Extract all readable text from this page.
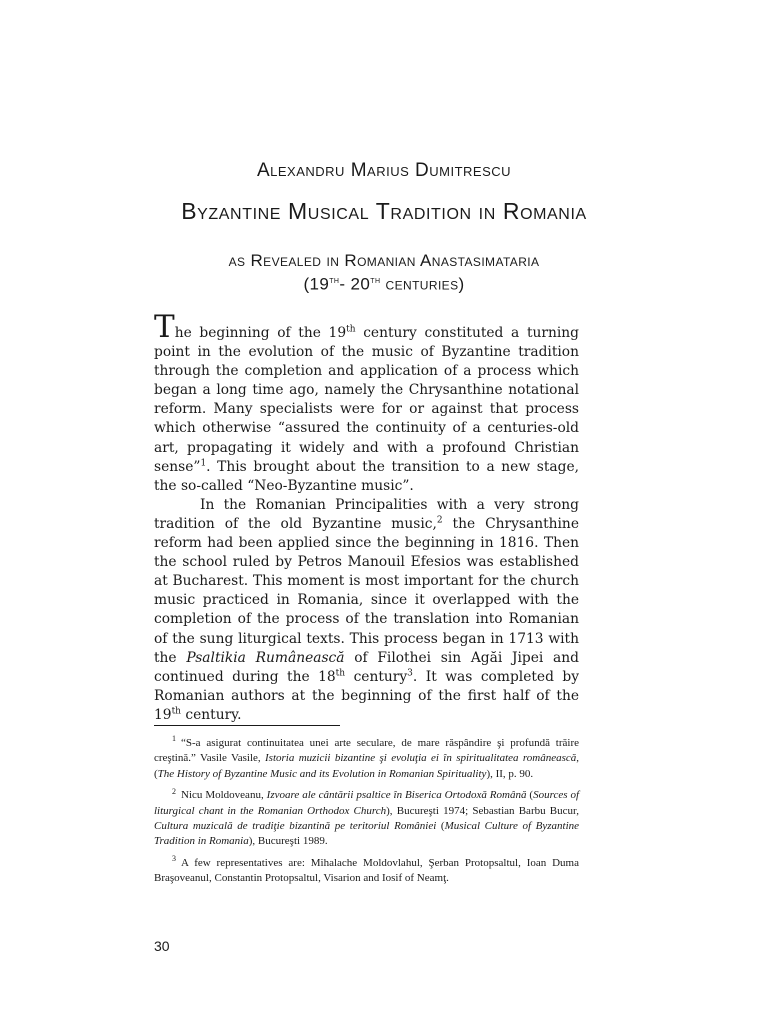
Alexandru Marius Dumitrescu
Byzantine Musical Tradition in Romania
as Revealed in Romanian Anastasimataria
(19th- 20th centuries)

The beginning of the 19th century constituted a turning point in the evolution of the music of Byzantine tradition through the completion and application of a process which began a long time ago, namely the Chrysanthine notational reform. Many specialists were for or against that process which otherwise “assured the continuity of a centuries-old art, propagating it widely and with a profound Christian sense”$^1$. This brought about the transition to a new stage, the so-called “Neo-Byzantine music”.

In the Romanian Principalities with a very strong tradition of the old Byzantine music,$^2$ the Chrysanthine reform had been applied since the beginning in 1816. Then the school ruled by Petros Manouil Efesios was established at Bucharest. This moment is most important for the church music practiced in Romania, since it overlapped with the completion of the process of the translation into Romanian of the sung liturgical texts. This process began in 1713 with the Psaltikia Rumânească of Filothei sin Agăi Jipei and continued during the 18th century$^3$. It was completed by Romanian authors at the beginning of the first half of the 19th century.

$^1$ “S-a asigurat continuitatea unei arte seculare, de mare răspândire şi profundă trăire creştină.” Vasile Vasile, Istoria muzicii bizantine şi evoluţia ei în spiritualitatea românească, (The History of Byzantine Music and its Evolution in Romanian Spirituality), II, p. 90.

$^2$ Nicu Moldoveanu, Izvoare ale cântării psaltice în Biserica Ortodoxă Română (Sources of liturgical chant in the Romanian Orthodox Church), Bucureşti 1974; Sebastian Barbu Bucur, Cultura muzicală de tradiţie bizantină pe teritoriul României (Musical Culture of Byzantine Tradition in Romania), Bucureşti 1989.

$^3$ A few representatives are: Mihalache Moldovlahul, Şerban Protopsaltul, Ioan Duma Braşoveanul, Constantin Protopsaltul, Visarion and Iosif of Neamţ.

30
